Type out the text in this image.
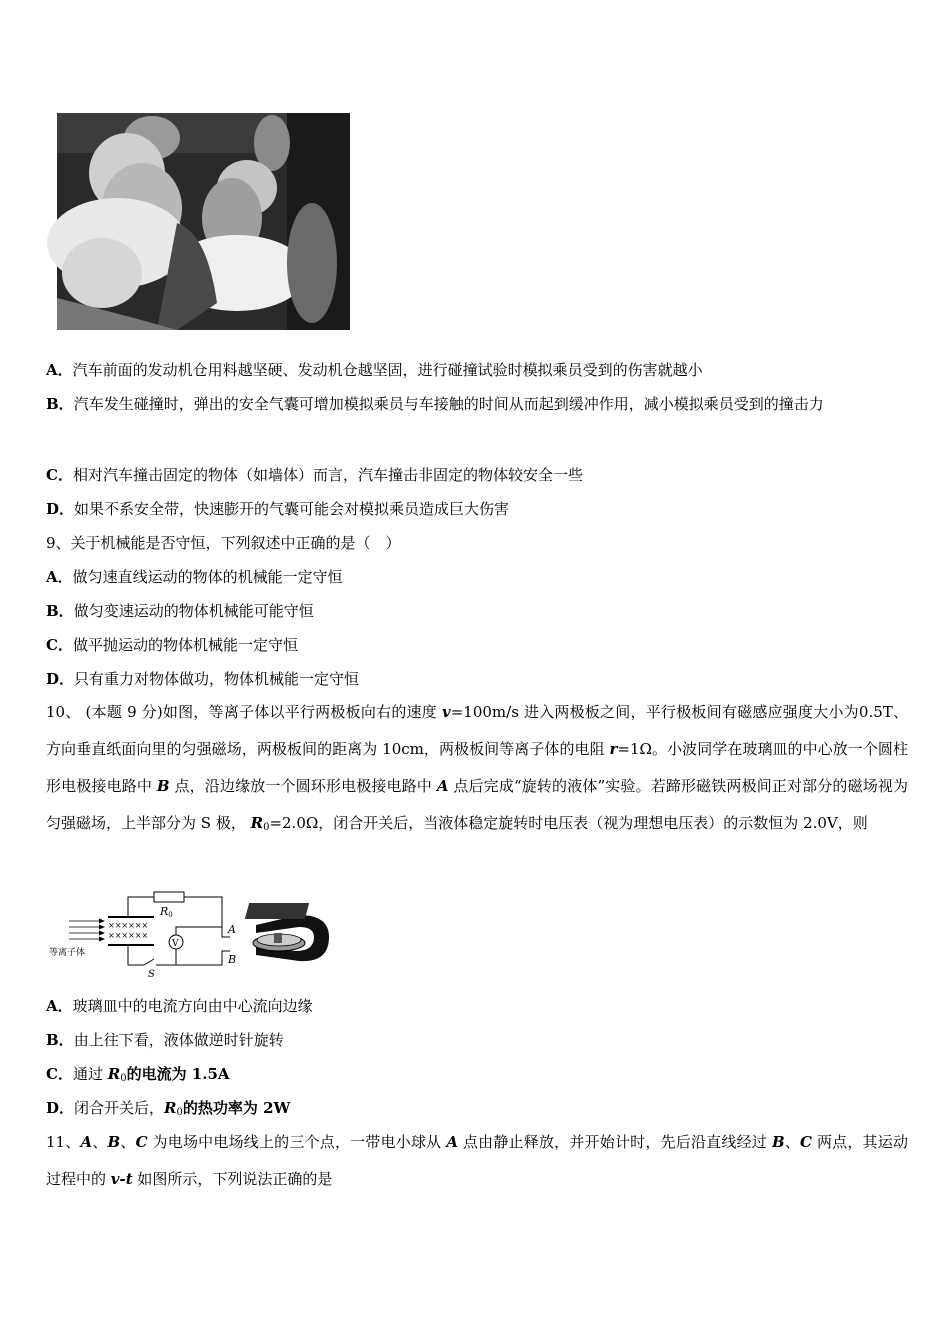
A．汽车前面的发动机仓用料越坚硬、发动机仓越坚固，进行碰撞试验时模拟乘员受到的伤害就越小
B．汽车发生碰撞时，弹出的安全气囊可增加模拟乘员与车接触的时间从而起到缓冲作用，减小模拟乘员受到的撞击力
C．相对汽车撞击固定的物体（如墙体）而言，汽车撞击非固定的物体较安全一些
D．如果不系安全带，快速膨开的气囊可能会对模拟乘员造成巨大伤害
9、关于机械能是否守恒，下列叙述中正确的是（　）
A．做匀速直线运动的物体的机械能一定守恒
B．做匀变速运动的物体机械能可能守恒
C．做平抛运动的物体机械能一定守恒
D．只有重力对物体做功，物体机械能一定守恒
10、 (本题 9 分)如图，等离子体以平行两极板向右的速度 v=100m/s 进入两极板之间，平行极板间有磁感应强度大小为0.5T、方向垂直纸面向里的匀强磁场，两极板间的距离为 10cm，两极板间等离子体的电阻 r=1Ω。小波同学在玻璃皿的中心放一个圆柱形电极接电路中 B 点，沿边缘放一个圆环形电极接电路中 A 点后完成“旋转的液体”实验。若蹄形磁铁两极间正对部分的磁场视为匀强磁场，上半部分为 S 极， $R_0=2.0\Omega$，闭合开关后，当液体稳定旋转时电压表（视为理想电压表）的示数恒为 2.0V，则
等离子体
××××××
××××××
R0
V
S
A
B
A．玻璃皿中的电流方向由中心流向边缘
B．由上往下看，液体做逆时针旋转
C．通过 $R_0$的电流为 1.5A
D．闭合开关后，$R_0$的热功率为 2W
11、A、B、C 为电场中电场线上的三个点，一带电小球从 A 点由静止释放，并开始计时，先后沿直线经过 B、C 两点，其运动过程中的 v-t 如图所示，下列说法正确的是
